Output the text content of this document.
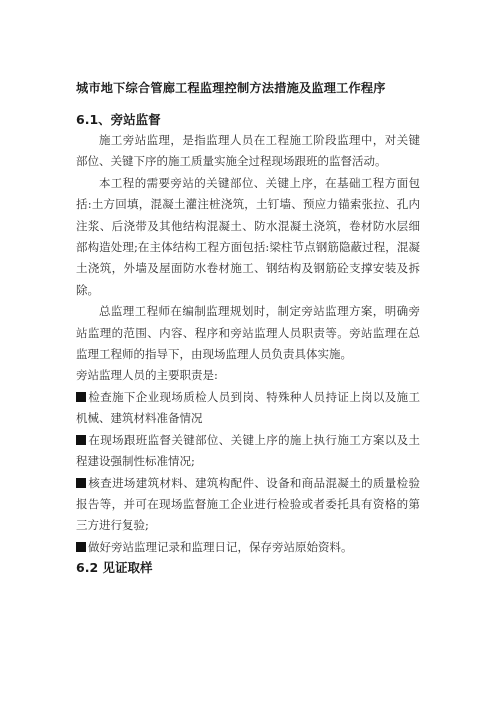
城市地下综合管廊工程监理控制方法措施及监理工作程序
6.1、旁站监督

施工旁站监理，是指监理人员在工程施工阶段监理中，对关键部位、关键下序的施工质量实施全过程现场跟班的监督活动。

本工程的需要旁站的关键部位、关键上序，在基础工程方面包括:土方回填，混凝土灌注桩浇筑，土钉墙、预应力锚索张拉、孔内注浆、后浇带及其他结构混凝土、防水混凝土浇筑，卷材防水层细部构造处理;在主体结构工程方面包括:梁柱节点钢筋隐蔽过程，混凝土浇筑，外墙及屋面防水卷材施工、钢结构及钢筋砼支撑安装及拆除。

总监理工程师在编制监理规划时，制定旁站监理方案，明确旁站监理的范围、内容、程序和旁站监理人员职责等。旁站监理在总监理工程师的指导下，由现场监理人员负责具体实施。

旁站监理人员的主要职责是:

检查施下企业现场质检人员到岗、特殊种人员持证上岗以及施工机械、建筑材料准备情况

在现场跟班监督关键部位、关键上序的施上执行施工方案以及土程建设强制性标准情况;

核查进场建筑材料、建筑构配件、设备和商品混凝土的质量检验报告等，并可在现场监督施工企业进行检验或者委托具有资格的第三方进行复验;

做好旁站监理记录和监理日记，保存旁站原始资料。

6.2 见证取样
